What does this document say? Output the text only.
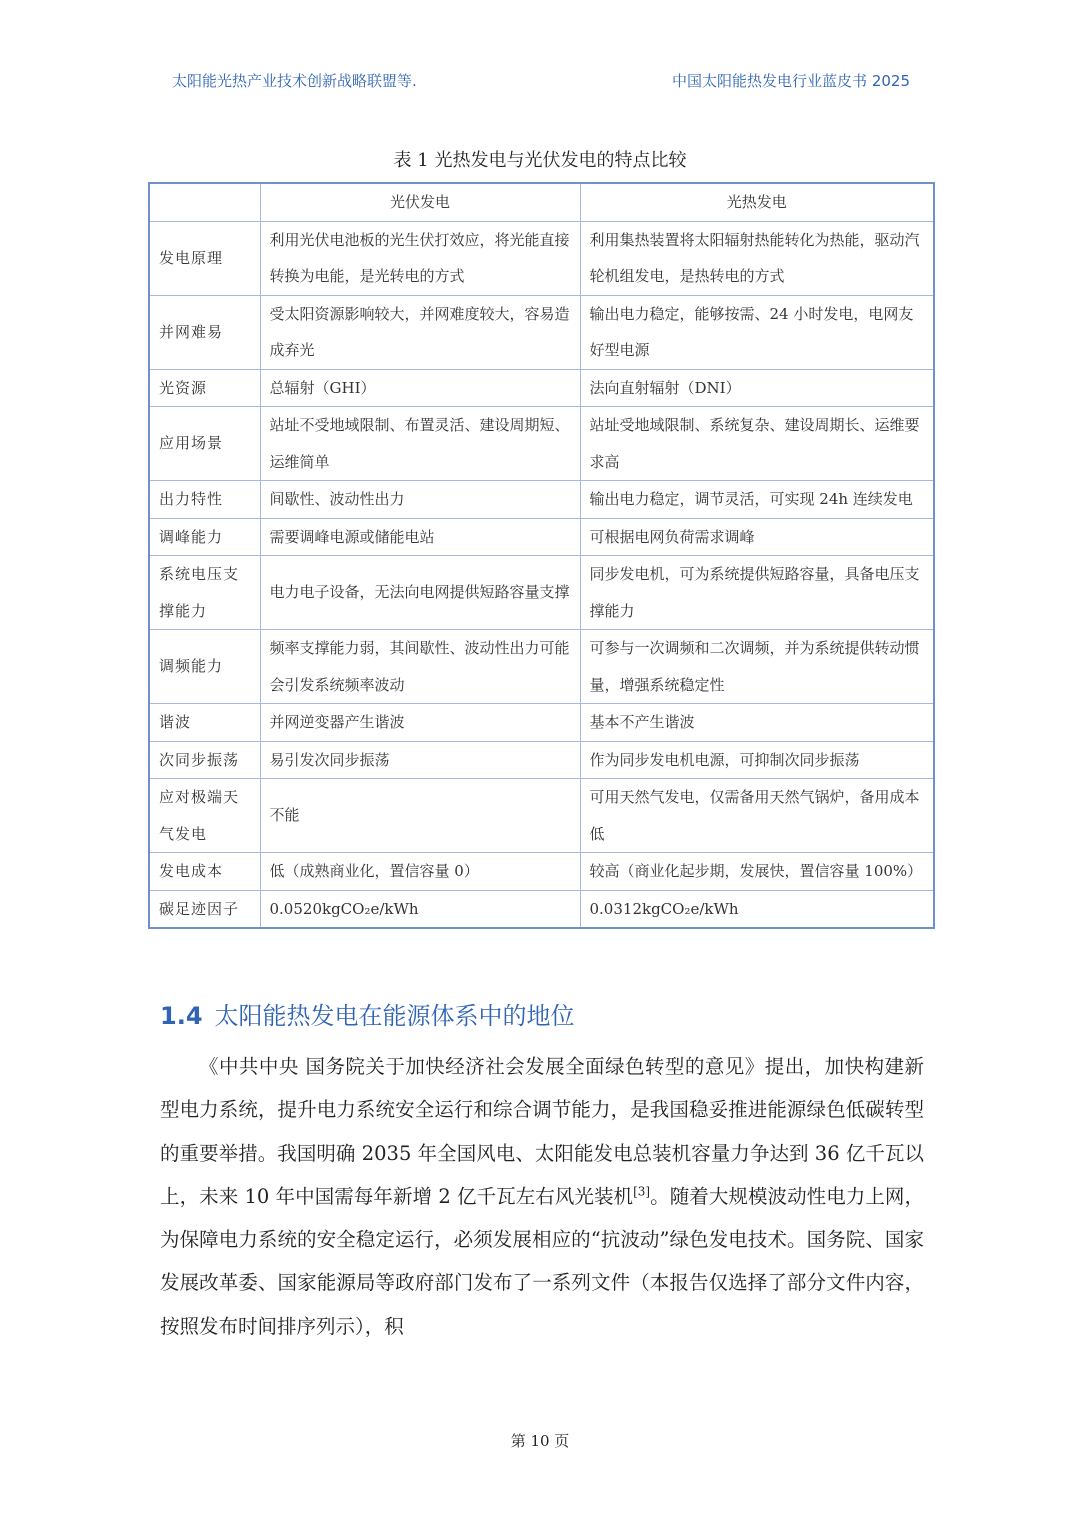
太阳能光热产业技术创新战略联盟等.	中国太阳能热发电行业蓝皮书 2025
表 1 光热发电与光伏发电的特点比较
	光伏发电	光热发电
发电原理	利用光伏电池板的光生伏打效应，将光能直接转换为电能，是光转电的方式	利用集热装置将太阳辐射热能转化为热能，驱动汽轮机组发电，是热转电的方式
并网难易	受太阳资源影响较大，并网难度较大，容易造成弃光	输出电力稳定，能够按需、24 小时发电，电网友好型电源
光资源	总辐射（GHI）	法向直射辐射（DNI）
应用场景	站址不受地域限制、布置灵活、建设周期短、运维简单	站址受地域限制、系统复杂、建设周期长、运维要求高
出力特性	间歇性、波动性出力	输出电力稳定，调节灵活，可实现 24h 连续发电
调峰能力	需要调峰电源或储能电站	可根据电网负荷需求调峰
系统电压支撑能力	电力电子设备，无法向电网提供短路容量支撑	同步发电机，可为系统提供短路容量，具备电压支撑能力
调频能力	频率支撑能力弱，其间歇性、波动性出力可能会引发系统频率波动	可参与一次调频和二次调频，并为系统提供转动惯量，增强系统稳定性
谐波	并网逆变器产生谐波	基本不产生谐波
次同步振荡	易引发次同步振荡	作为同步发电机电源，可抑制次同步振荡
应对极端天气发电	不能	可用天然气发电，仅需备用天然气锅炉，备用成本低
发电成本	低（成熟商业化，置信容量 0）	较高（商业化起步期，发展快，置信容量 100%）
碳足迹因子	0.0520kgCO₂e/kWh	0.0312kgCO₂e/kWh
1.4 太阳能热发电在能源体系中的地位
《中共中央 国务院关于加快经济社会发展全面绿色转型的意见》提出，加快构建新型电力系统，提升电力系统安全运行和综合调节能力，是我国稳妥推进能源绿色低碳转型的重要举措。我国明确 2035 年全国风电、太阳能发电总装机容量力争达到 36 亿千瓦以上，未来 10 年中国需每年新增 2 亿千瓦左右风光装机[3]。随着大规模波动性电力上网，为保障电力系统的安全稳定运行，必须发展相应的“抗波动”绿色发电技术。国务院、国家发展改革委、国家能源局等政府部门发布了一系列文件（本报告仅选择了部分文件内容，按照发布时间排序列示），积
第 10 页
